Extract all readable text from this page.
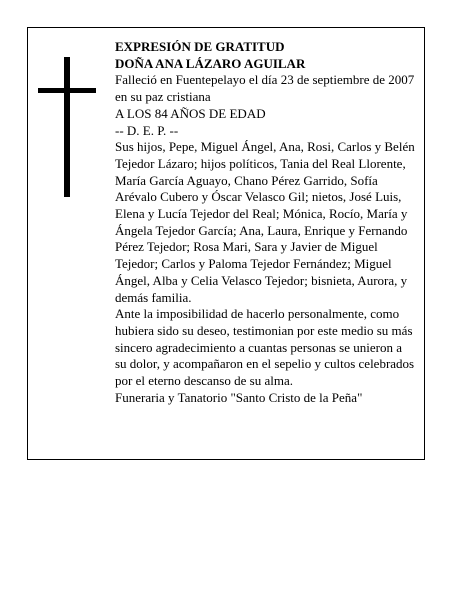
EXPRESIÓN DE GRATITUD

DOÑA ANA LÁZARO AGUILAR

Falleció en Fuentepelayo el día 23 de septiembre de 2007 en su paz cristiana

A LOS 84 AÑOS DE EDAD

-- D. E. P. --

Sus hijos, Pepe, Miguel Ángel, Ana, Rosi, Carlos y Belén Tejedor Lázaro; hijos políticos, Tania del Real Llorente, María García Aguayo, Chano Pérez Garrido, Sofía Arévalo Cubero y Óscar Velasco Gil; nietos, José Luis, Elena y Lucía Tejedor del Real; Mónica, Rocío, María y Ángela Tejedor García; Ana, Laura, Enrique y Fernando Pérez Tejedor; Rosa Mari, Sara y Javier de Miguel Tejedor; Carlos y Paloma Tejedor Fernández; Miguel Ángel, Alba y Celia Velasco Tejedor; bisnieta, Aurora, y demás familia.

Ante la imposibilidad de hacerlo personalmente, como hubiera sido su deseo, testimonian por este medio su más sincero agradecimiento a cuantas personas se unieron a su dolor, y acompañaron en el sepelio y cultos celebrados por el eterno descanso de su alma.

Funeraria y Tanatorio "Santo Cristo de la Peña"
